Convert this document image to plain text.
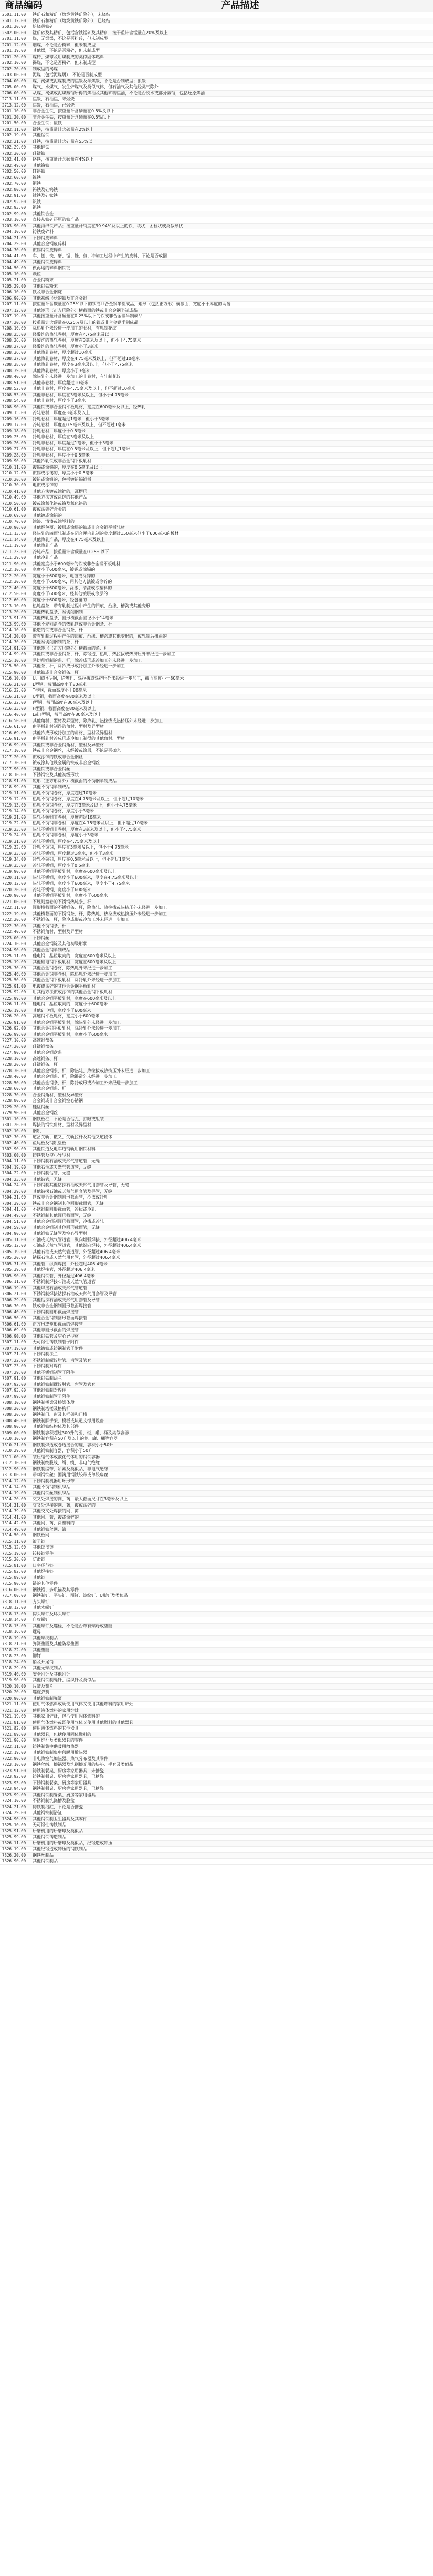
商品编码	产品描述
2601.11.00	铁矿石和精矿（焙烧黄铁矿除外），未烧结
2601.12.00	铁矿石和精矿（焙烧黄铁矿除外），已烧结
2601.20.00	焙烧黄铁矿
2602.00.00	锰矿砂及其精矿，包括含铁锰矿及其精矿，按干重计含锰量在20%及以上
2701.11.00	煤，无烟煤，不论是否粉碎，但未制成型
2701.12.00	烟煤，不论是否粉碎，但未制成型
2701.19.00	其他煤，不论是否粉碎，但未制成型
2701.20.00	煤砖、煤球及用煤制成的类似固体燃料
2702.10.00	褐煤，不论是否粉碎，但未制成型
2702.20.00	制成型的褐煤
2703.00.00	泥煤（包括泥煤屑），不论是否制成型
2704.00.00	煤、褐煤或泥煤制成的焦炭及半焦炭，不论是否制成型；甑炭
2705.00.00	煤气、水煤气、发生炉煤气及类似气体，但石油气及其他烃类气除外
2706.00.00	从煤、褐煤或泥煤蒸馏所得的焦油及其他矿物焦油，不论是否脱水或部分蒸馏，包括还原焦油
2713.11.00	焦炭，石油焦，未煅烧
2713.12.00	焦炭，石油焦，已煅烧
7201.10.00	非合金生铁，按重量计含磷量在0.5%及以下
7201.20.00	非合金生铁，按重量计含磷量在0.5%以上
7201.50.00	合金生铁；镜铁
7202.11.00	锰铁，按重量计含碳量在2%以上
7202.19.00	其他锰铁
7202.21.00	硅铁，按重量计含硅量在55%以上
7202.29.00	其他硅铁
7202.30.00	硅锰铁
7202.41.00	铬铁，按重量计含碳量在4%以上
7202.49.00	其他铬铁
7202.50.00	硅铬铁
7202.60.00	镍铁
7202.70.00	钼铁
7202.80.00	钨铁及硅钨铁
7202.91.00	钛铁及硅钛铁
7202.92.00	钒铁
7202.93.00	铌铁
7202.99.00	其他铁合金
7203.10.00	直接从铁矿还原的铁产品
7203.90.00	其他海绵铁产品；按重量计纯度在99.94%及以上的铁，块状、团粒状或类似形状
7204.10.00	铸铁废碎料
7204.21.00	不锈钢废碎料
7204.29.00	其他合金钢废碎料
7204.30.00	镀锡钢铁废碎料
7204.41.00	车、刨、铣、磨、锯、锉、剪、冲加工过程中产生的废料，不论是否成捆
7204.49.00	其他钢铁废碎料
7204.50.00	供再熔的碎料钢铁锭
7205.10.00	颗粒
7205.21.00	合金钢粉末
7205.29.00	其他钢铁粉末
7206.10.00	铁及非合金钢锭
7206.90.00	其他初级形状的铁及非合金钢
7207.11.00	按重量计含碳量在0.25%以下的铁或非合金钢半制成品，矩形（包括正方形）横截面，宽度小于厚度的两倍
7207.12.00	其他矩形（正方形除外）横截面的铁或非合金钢半制成品
7207.19.00	其他按重量计含碳量在0.25%以下的铁或非合金钢半制成品
7207.20.00	按重量计含碳量在0.25%及以上的铁或非合金钢半制成品
7208.10.00	除热轧外未经进一步加工的卷材，有轧制花纹
7208.25.00	经酸洗的热轧卷材，厚度在4.75毫米及以上
7208.26.00	经酸洗的热轧卷材，厚度在3毫米及以上，但小于4.75毫米
7208.27.00	经酸洗的热轧卷材，厚度小于3毫米
7208.36.00	其他热轧卷材，厚度超过10毫米
7208.37.00	其他热轧卷材，厚度在4.75毫米及以上，但不超过10毫米
7208.38.00	其他热轧卷材，厚度在3毫米及以上，但小于4.75毫米
7208.39.00	其他热轧卷材，厚度小于3毫米
7208.40.00	除热轧外未经进一步加工的非卷材，有轧制花纹
7208.51.00	其他非卷材，厚度超过10毫米
7208.52.00	其他非卷材，厚度在4.75毫米及以上，但不超过10毫米
7208.53.00	其他非卷材，厚度在3毫米及以上，但小于4.75毫米
7208.54.00	其他非卷材，厚度小于3毫米
7208.90.00	其他铁或非合金钢平板轧材，宽度在600毫米及以上，经热轧
7209.15.00	冷轧卷材，厚度在3毫米及以上
7209.16.00	冷轧卷材，厚度超过1毫米，但小于3毫米
7209.17.00	冷轧卷材，厚度在0.5毫米及以上，但不超过1毫米
7209.18.00	冷轧卷材，厚度小于0.5毫米
7209.25.00	冷轧非卷材，厚度在3毫米及以上
7209.26.00	冷轧非卷材，厚度超过1毫米，但小于3毫米
7209.27.00	冷轧非卷材，厚度在0.5毫米及以上，但不超过1毫米
7209.28.00	冷轧非卷材，厚度小于0.5毫米
7209.90.00	其他冷轧铁或非合金钢平板轧材
7210.11.00	镀锡或涂锡的，厚度在0.5毫米及以上
7210.12.00	镀锡或涂锡的，厚度小于0.5毫米
7210.20.00	镀铅或涂铅的，包括镀铅锡钢板
7210.30.00	电镀或涂锌的
7210.41.00	其他方法镀或涂锌的，瓦楞形
7210.49.00	其他方法镀或涂锌的其他产品
7210.50.00	镀或涂氧化铬或铬及氧化铬的
7210.61.00	镀或涂铝锌合金的
7210.69.00	其他镀或涂铝的
7210.70.00	涂漆、清漆或涂塑料的
7210.90.00	其他经包覆、镀层或涂层的铁或非合金钢平板轧材
7211.13.00	经热轧的四面轧制或在闭合匣内轧制的宽度超过150毫米但小于600毫米的板材
7211.14.00	其他热轧产品，厚度在4.75毫米及以上
7211.19.00	其他热轧产品
7211.23.00	冷轧产品，按重量计含碳量在0.25%以下
7211.29.00	其他冷轧产品
7211.90.00	其他宽度小于600毫米的铁或非合金钢平板轧材
7212.10.00	宽度小于600毫米，镀锡或涂锡的
7212.20.00	宽度小于600毫米，电镀或涂锌的
7212.30.00	宽度小于600毫米，用其他方法镀或涂锌的
7212.40.00	宽度小于600毫米，涂漆、清漆或涂塑料的
7212.50.00	宽度小于600毫米，经其他镀层或涂层的
7212.60.00	宽度小于600毫米，经包覆的
7213.10.00	热轧盘条，带有轧制过程中产生的凹痕、凸缘、槽沟或其他变形
7213.20.00	其他热轧盘条，易切削钢制
7213.91.00	其他热轧盘条，圆形横截面直径小于14毫米
7213.99.00	其他不规则盘卷的热轧铁或非合金钢条、杆
7214.10.00	锻造的铁或非合金钢条、杆
7214.20.00	带有轧制过程中产生的凹痕、凸缘、槽沟或其他变形的，或轧制后扭曲的
7214.30.00	其他易切削钢制的条、杆
7214.91.00	其他矩形（正方形除外）横截面的条、杆
7214.99.00	其他铁或非合金钢条、杆，除锻造、热轧、热拉拔或热挤压外未经进一步加工
7215.10.00	易切削钢制的条、杆，除冷成形或冷加工外未经进一步加工
7215.50.00	其他条、杆，除冷成形或冷加工外未经进一步加工
7215.90.00	其他铁或非合金钢条、杆
7216.10.00	U、I或H型钢，除热轧、热拉拔或热挤压外未经进一步加工，截面高度小于80毫米
7216.21.00	L型钢，截面高度小于80毫米
7216.22.00	T型钢，截面高度小于80毫米
7216.31.00	U型钢，截面高度在80毫米及以上
7216.32.00	I型钢，截面高度在80毫米及以上
7216.33.00	H型钢，截面高度在80毫米及以上
7216.40.00	L或T型钢，截面高度在80毫米及以上
7216.50.00	其他角材、型材及异型材，除热轧、热拉拔或热挤压外未经进一步加工
7216.61.00	由平板轧材制得的角材、型材及异型材
7216.69.00	其他冷成形或冷加工的角材、型材及异型材
7216.91.00	由平板轧材冷成形或冷加工制得的其他角材、型材
7216.99.00	其他铁或非合金钢角材、型材及异型材
7217.10.00	铁或非合金钢丝，未经镀或涂层，不论是否抛光
7217.20.00	镀或涂锌的铁或非合金钢丝
7217.30.00	镀或涂其他贱金属的铁或非合金钢丝
7217.90.00	其他铁或非合金钢丝
7218.10.00	不锈钢锭及其他初级形状
7218.91.00	矩形（正方形除外）横截面的不锈钢半制成品
7218.99.00	其他不锈钢半制成品
7219.11.00	热轧不锈钢卷材，厚度超过10毫米
7219.12.00	热轧不锈钢卷材，厚度在4.75毫米及以上，但不超过10毫米
7219.13.00	热轧不锈钢卷材，厚度在3毫米及以上，但小于4.75毫米
7219.14.00	热轧不锈钢卷材，厚度小于3毫米
7219.21.00	热轧不锈钢非卷材，厚度超过10毫米
7219.22.00	热轧不锈钢非卷材，厚度在4.75毫米及以上，但不超过10毫米
7219.23.00	热轧不锈钢非卷材，厚度在3毫米及以上，但小于4.75毫米
7219.24.00	热轧不锈钢非卷材，厚度小于3毫米
7219.31.00	冷轧不锈钢，厚度在4.75毫米及以上
7219.32.00	冷轧不锈钢，厚度在3毫米及以上，但小于4.75毫米
7219.33.00	冷轧不锈钢，厚度超过1毫米，但小于3毫米
7219.34.00	冷轧不锈钢，厚度在0.5毫米及以上，但不超过1毫米
7219.35.00	冷轧不锈钢，厚度小于0.5毫米
7219.90.00	其他不锈钢平板轧材，宽度在600毫米及以上
7220.11.00	热轧不锈钢，宽度小于600毫米，厚度在4.75毫米及以上
7220.12.00	热轧不锈钢，宽度小于600毫米，厚度小于4.75毫米
7220.20.00	冷轧不锈钢，宽度小于600毫米
7220.90.00	其他不锈钢平板轧材，宽度小于600毫米
7221.00.00	不规则盘卷的不锈钢热轧条、杆
7222.11.00	圆形横截面的不锈钢条、杆，除热轧、热拉拔或热挤压外未经进一步加工
7222.19.00	其他横截面的不锈钢条、杆，除热轧、热拉拔或热挤压外未经进一步加工
7222.20.00	不锈钢条、杆，除冷成形或冷加工外未经进一步加工
7222.30.00	其他不锈钢条、杆
7222.40.00	不锈钢角材、型材及异型材
7223.00.00	不锈钢丝
7224.10.00	其他合金钢锭及其他初级形状
7224.90.00	其他合金钢半制成品
7225.11.00	硅电钢，晶粒取向的，宽度在600毫米及以上
7225.19.00	其他硅电钢平板轧材，宽度在600毫米及以上
7225.30.00	其他合金钢卷材，除热轧外未经进一步加工
7225.40.00	其他合金钢非卷材，除热轧外未经进一步加工
7225.50.00	其他合金钢平板轧材，除冷轧外未经进一步加工
7225.91.00	电镀或涂锌的其他合金钢平板轧材
7225.92.00	用其他方法镀或涂锌的其他合金钢平板轧材
7225.99.00	其他合金钢平板轧材，宽度在600毫米及以上
7226.11.00	硅电钢，晶粒取向的，宽度小于600毫米
7226.19.00	其他硅电钢，宽度小于600毫米
7226.20.00	高速钢平板轧材，宽度小于600毫米
7226.91.00	其他合金钢平板轧材，除热轧外未经进一步加工
7226.92.00	其他合金钢平板轧材，除冷轧外未经进一步加工
7226.99.00	其他合金钢平板轧材，宽度小于600毫米
7227.10.00	高速钢盘条
7227.20.00	硅锰钢盘条
7227.90.00	其他合金钢盘条
7228.10.00	高速钢条、杆
7228.20.00	硅锰钢条、杆
7228.30.00	其他合金钢条、杆，除热轧、热拉拔或热挤压外未经进一步加工
7228.40.00	其他合金钢条、杆，除锻造外未经进一步加工
7228.50.00	其他合金钢条、杆，除冷成形或冷加工外未经进一步加工
7228.60.00	其他合金钢条、杆
7228.70.00	合金钢角材、型材及异型材
7228.80.00	合金钢或非合金钢空心钻钢
7229.20.00	硅锰钢丝
7229.90.00	其他合金钢丝
7301.10.00	钢铁板桩，不论是否钻孔、打眼或组装
7301.20.00	焊接的钢铁角材、型材及异型材
7302.10.00	钢轨
7302.30.00	道岔尖轨、辙叉、尖轨拉杆及其他叉道段体
7302.40.00	鱼尾板及钢轨垫板
7302.90.00	其他铁道及电车道铺轨用钢铁材料
7303.00.00	铸铁管及空心异型材
7304.11.00	不锈钢制石油或天然气管道管，无缝
7304.19.00	其他石油或天然气管道管，无缝
7304.22.00	不锈钢制钻管，无缝
7304.23.00	其他钻管，无缝
7304.24.00	不锈钢制其他钻探石油或天然气用套管及导管，无缝
7304.29.00	其他钻探石油或天然气用套管及导管，无缝
7304.31.00	铁或非合金钢制圆形截面管，冷拔或冷轧
7304.39.00	铁或非合金钢制其他圆形截面管，无缝
7304.41.00	不锈钢制圆形截面管，冷拔或冷轧
7304.49.00	不锈钢制其他圆形截面管，无缝
7304.51.00	其他合金钢制圆形截面管，冷拔或冷轧
7304.59.00	其他合金钢制其他圆形截面管，无缝
7304.90.00	其他钢铁无缝管及空心异型材
7305.11.00	石油或天然气管道管，纵向埋弧焊接，外径超过406.4毫米
7305.12.00	石油或天然气管道管，其他纵向焊接，外径超过406.4毫米
7305.19.00	其他石油或天然气管道管，外径超过406.4毫米
7305.20.00	钻探石油或天然气用套管，外径超过406.4毫米
7305.31.00	其他管，纵向焊接，外径超过406.4毫米
7305.39.00	其他焊接管，外径超过406.4毫米
7305.90.00	其他钢铁管，外径超过406.4毫米
7306.11.00	不锈钢制焊接石油或天然气管道管
7306.19.00	其他焊接石油或天然气管道管
7306.21.00	不锈钢制焊接钻探石油或天然气用套管及导管
7306.29.00	其他钻探石油或天然气用套管及导管
7306.30.00	铁或非合金钢制圆形截面焊接管
7306.40.00	不锈钢制圆形截面焊接管
7306.50.00	其他合金钢制圆形截面焊接管
7306.61.00	正方形或矩形截面的焊接管
7306.69.00	其他非圆形截面的焊接管
7306.90.00	其他钢铁管及空心异型材
7307.11.00	无可锻性铸铁制管子附件
7307.19.00	其他铸铁或铸钢制管子附件
7307.21.00	不锈钢制法兰
7307.22.00	不锈钢制螺纹肘管、弯管及管套
7307.23.00	不锈钢制对焊件
7307.29.00	其他不锈钢制管子附件
7307.91.00	其他钢铁制法兰
7307.92.00	其他钢铁制螺纹肘管、弯管及管套
7307.93.00	其他钢铁制对焊件
7307.99.00	其他钢铁制管子附件
7308.10.00	钢铁制桥梁及桥梁体段
7308.20.00	钢铁制塔楼及格构杆
7308.30.00	钢铁制门、窗及其框架和门槛
7308.40.00	钢铁制脚手架、模板或坑道支撑用设备
7308.90.00	其他钢铁结构体及其部件
7309.00.00	钢铁制容积超过300升的囤、柜、罐、桶及类似容器
7310.10.00	钢铁制容积在50升及以上的柜、罐、桶等容器
7310.21.00	钢铁制焊边或卷边接合的罐，容积小于50升
7310.29.00	其他钢铁制容器，容积小于50升
7311.00.00	装压缩气体或液化气体用的钢铁容器
7312.10.00	钢铁制绞股线、绳、缆，非电气绝缘
7312.90.00	钢铁制编带、吊索及类似品，非电气绝缘
7313.00.00	带刺钢铁丝；围篱用钢铁绞带或单股扁丝
7314.12.00	不锈钢制机器用环形带
7314.14.00	其他不锈钢制机织品
7314.19.00	其他钢铁丝制机织品
7314.20.00	交叉处焊接的网、篱，最大截面尺寸在3毫米及以上
7314.31.00	交叉处焊接的网、篱，镀或涂锌的
7314.39.00	其他交叉处焊接的网、篱
7314.41.00	其他网、篱，镀或涂锌的
7314.42.00	其他网、篱，涂塑料的
7314.49.00	其他钢铁丝网、篱
7314.50.00	钢铁板网
7315.11.00	滚子链
7315.12.00	其他铰接链
7315.19.00	铰接链零件
7315.20.00	防滑链
7315.81.00	日字环节链
7315.82.00	其他焊接链
7315.89.00	其他链
7315.90.00	链的其他零件
7316.00.00	钢铁锚、多爪锚及其零件
7317.00.00	钢铁制钉、平头钉、图钉、波纹钉、U形钉及类似品
7318.11.00	方头螺钉
7318.12.00	其他木螺钉
7318.13.00	钩头螺钉及环头螺钉
7318.14.00	自攻螺钉
7318.15.00	其他螺钉及螺栓，不论是否带有螺母或垫圈
7318.16.00	螺母
7318.19.00	其他螺纹制品
7318.21.00	弹簧垫圈及其他防松垫圈
7318.22.00	其他垫圈
7318.23.00	铆钉
7318.24.00	销及开尾销
7318.29.00	其他无螺纹制品
7319.40.00	安全别针及其他别针
7319.90.00	其他钢铁制缝针、编织针及类似品
7320.10.00	片簧及簧片
7320.20.00	螺旋弹簧
7320.90.00	其他钢铁制弹簧
7321.11.00	使用气体燃料或既使用气体又使用其他燃料的家用炉灶
7321.12.00	使用液体燃料的家用炉灶
7321.19.00	其他家用炉灶，包括使用固体燃料的
7321.81.00	使用气体燃料或既使用气体又使用其他燃料的其他器具
7321.82.00	使用液体燃料的其他器具
7321.89.00	其他器具，包括使用固体燃料的
7321.90.00	家用炉灶及类似器具的零件
7322.11.00	铸铁制集中供暖用散热器
7322.19.00	其他钢铁制集中供暖用散热器
7322.90.00	非电热空气加热器、热气分布器及其零件
7323.10.00	钢铁丝绒、擦锅器及洗刷擦光用的块垫、手套及类似品
7323.91.00	铸铁制餐桌、厨房等家用器具，未搪瓷
7323.92.00	铸铁制餐桌、厨房等家用器具，已搪瓷
7323.93.00	不锈钢制餐桌、厨房等家用器具
7323.94.00	钢铁制餐桌、厨房等家用器具，已搪瓷
7323.99.00	其他钢铁制餐桌、厨房等家用器具
7324.10.00	不锈钢制洗涤槽及脸盆
7324.21.00	铸铁制浴缸，不论是否搪瓷
7324.29.00	其他钢铁制浴缸
7324.90.00	其他钢铁制卫生器具及其零件
7325.10.00	无可锻性铸铁制品
7325.91.00	研磨机用的研磨球及类似品
7325.99.00	其他钢铁铸造制品
7326.11.00	研磨机用的研磨球及类似品，经锻造或冲压
7326.19.00	其他经锻造或冲压的钢铁制品
7326.20.00	钢铁丝制品
7326.90.00	其他钢铁制品
